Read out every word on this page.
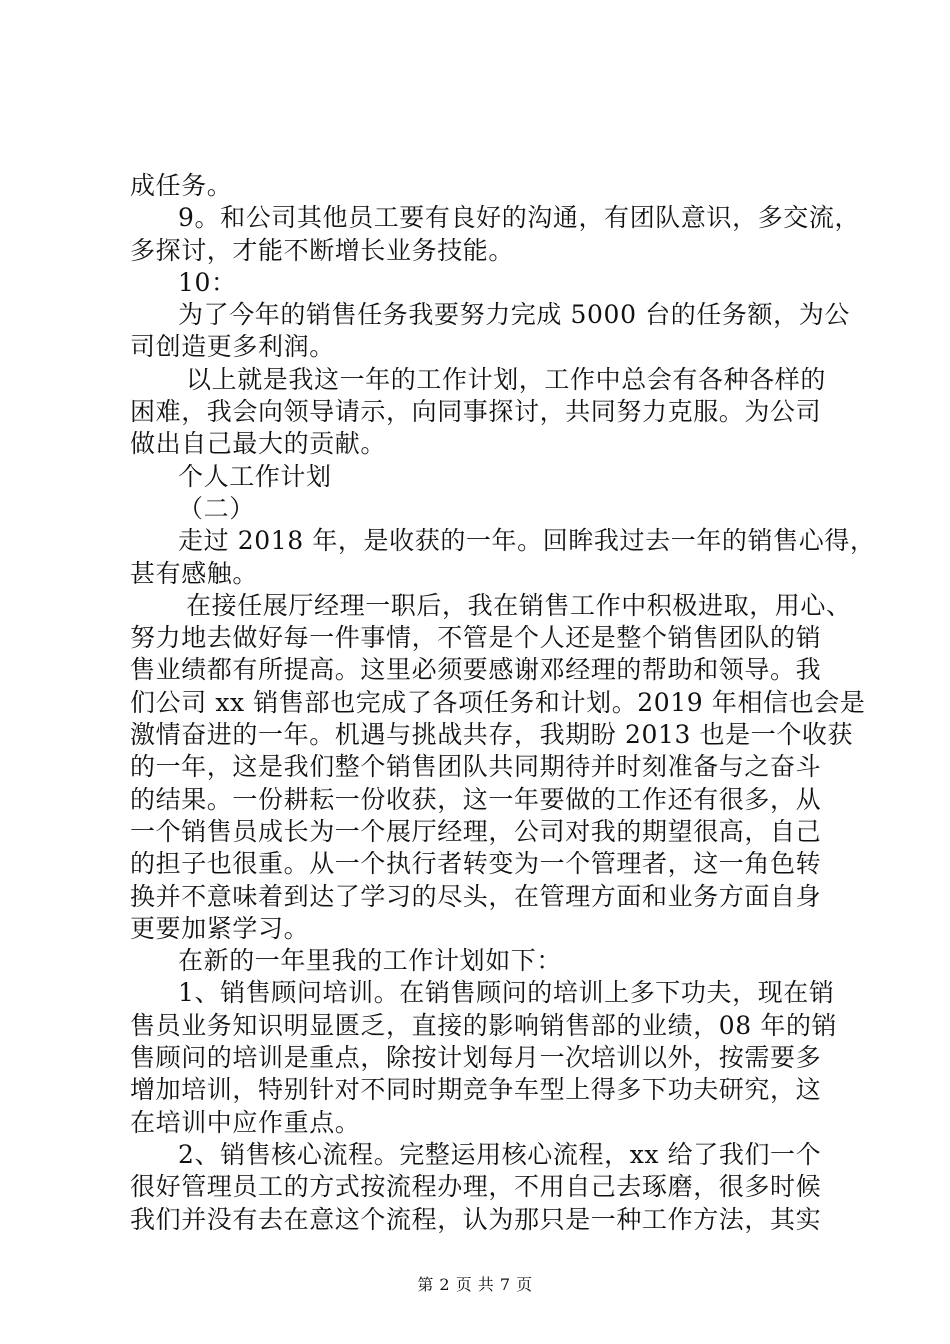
成任务。
9。和公司其他员工要有良好的沟通，有团队意识，多交流，
多探讨，才能不断增长业务技能。
10：
为了今年的销售任务我要努力完成 5000 台的任务额，为公
司创造更多利润。
以上就是我这一年的工作计划，工作中总会有各种各样的
困难，我会向领导请示，向同事探讨，共同努力克服。为公司
做出自己最大的贡献。
个人工作计划
（二）
走过 2018 年，是收获的一年。回眸我过去一年的销售心得，
甚有感触。
在接任展厅经理一职后，我在销售工作中积极进取，用心、
努力地去做好每一件事情，不管是个人还是整个销售团队的销
售业绩都有所提高。这里必须要感谢邓经理的帮助和领导。我
们公司 xx 销售部也完成了各项任务和计划。2019 年相信也会是
激情奋进的一年。机遇与挑战共存，我期盼 2013 也是一个收获
的一年，这是我们整个销售团队共同期待并时刻准备与之奋斗
的结果。一份耕耘一份收获，这一年要做的工作还有很多，从
一个销售员成长为一个展厅经理，公司对我的期望很高，自己
的担子也很重。从一个执行者转变为一个管理者，这一角色转
换并不意味着到达了学习的尽头，在管理方面和业务方面自身
更要加紧学习。
在新的一年里我的工作计划如下：
1、销售顾问培训。在销售顾问的培训上多下功夫，现在销
售员业务知识明显匮乏，直接的影响销售部的业绩，08 年的销
售顾问的培训是重点，除按计划每月一次培训以外，按需要多
增加培训，特别针对不同时期竞争车型上得多下功夫研究，这
在培训中应作重点。
2、销售核心流程。完整运用核心流程，xx 给了我们一个
很好管理员工的方式按流程办理，不用自己去琢磨，很多时候
我们并没有去在意这个流程，认为那只是一种工作方法，其实
第 2 页 共 7 页
